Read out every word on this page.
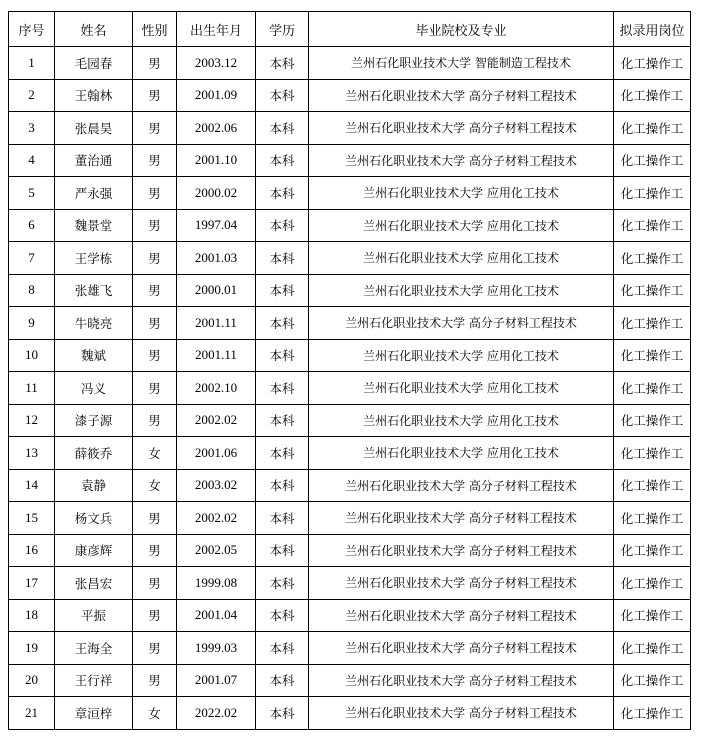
序号	姓名	性别	出生年月	学历	毕业院校及专业	拟录用岗位
1	毛园春	男	2003.12	本科	兰州石化职业技术大学 智能制造工程技术	化工操作工
2	王翰林	男	2001.09	本科	兰州石化职业技术大学 高分子材料工程技术	化工操作工
3	张晨昊	男	2002.06	本科	兰州石化职业技术大学 高分子材料工程技术	化工操作工
4	董治通	男	2001.10	本科	兰州石化职业技术大学 高分子材料工程技术	化工操作工
5	严永强	男	2000.02	本科	兰州石化职业技术大学 应用化工技术	化工操作工
6	魏景堂	男	1997.04	本科	兰州石化职业技术大学 应用化工技术	化工操作工
7	王学栋	男	2001.03	本科	兰州石化职业技术大学 应用化工技术	化工操作工
8	张雄飞	男	2000.01	本科	兰州石化职业技术大学 应用化工技术	化工操作工
9	牛晓亮	男	2001.11	本科	兰州石化职业技术大学 高分子材料工程技术	化工操作工
10	魏斌	男	2001.11	本科	兰州石化职业技术大学 应用化工技术	化工操作工
11	冯义	男	2002.10	本科	兰州石化职业技术大学 应用化工技术	化工操作工
12	漆子源	男	2002.02	本科	兰州石化职业技术大学 应用化工技术	化工操作工
13	薛筱乔	女	2001.06	本科	兰州石化职业技术大学 应用化工技术	化工操作工
14	袁静	女	2003.02	本科	兰州石化职业技术大学 高分子材料工程技术	化工操作工
15	杨文兵	男	2002.02	本科	兰州石化职业技术大学 高分子材料工程技术	化工操作工
16	康彦辉	男	2002.05	本科	兰州石化职业技术大学 高分子材料工程技术	化工操作工
17	张昌宏	男	1999.08	本科	兰州石化职业技术大学 高分子材料工程技术	化工操作工
18	平振	男	2001.04	本科	兰州石化职业技术大学 高分子材料工程技术	化工操作工
19	王海全	男	1999.03	本科	兰州石化职业技术大学 高分子材料工程技术	化工操作工
20	王行祥	男	2001.07	本科	兰州石化职业技术大学 高分子材料工程技术	化工操作工
21	章洹梓	女	2022.02	本科	兰州石化职业技术大学 高分子材料工程技术	化工操作工
